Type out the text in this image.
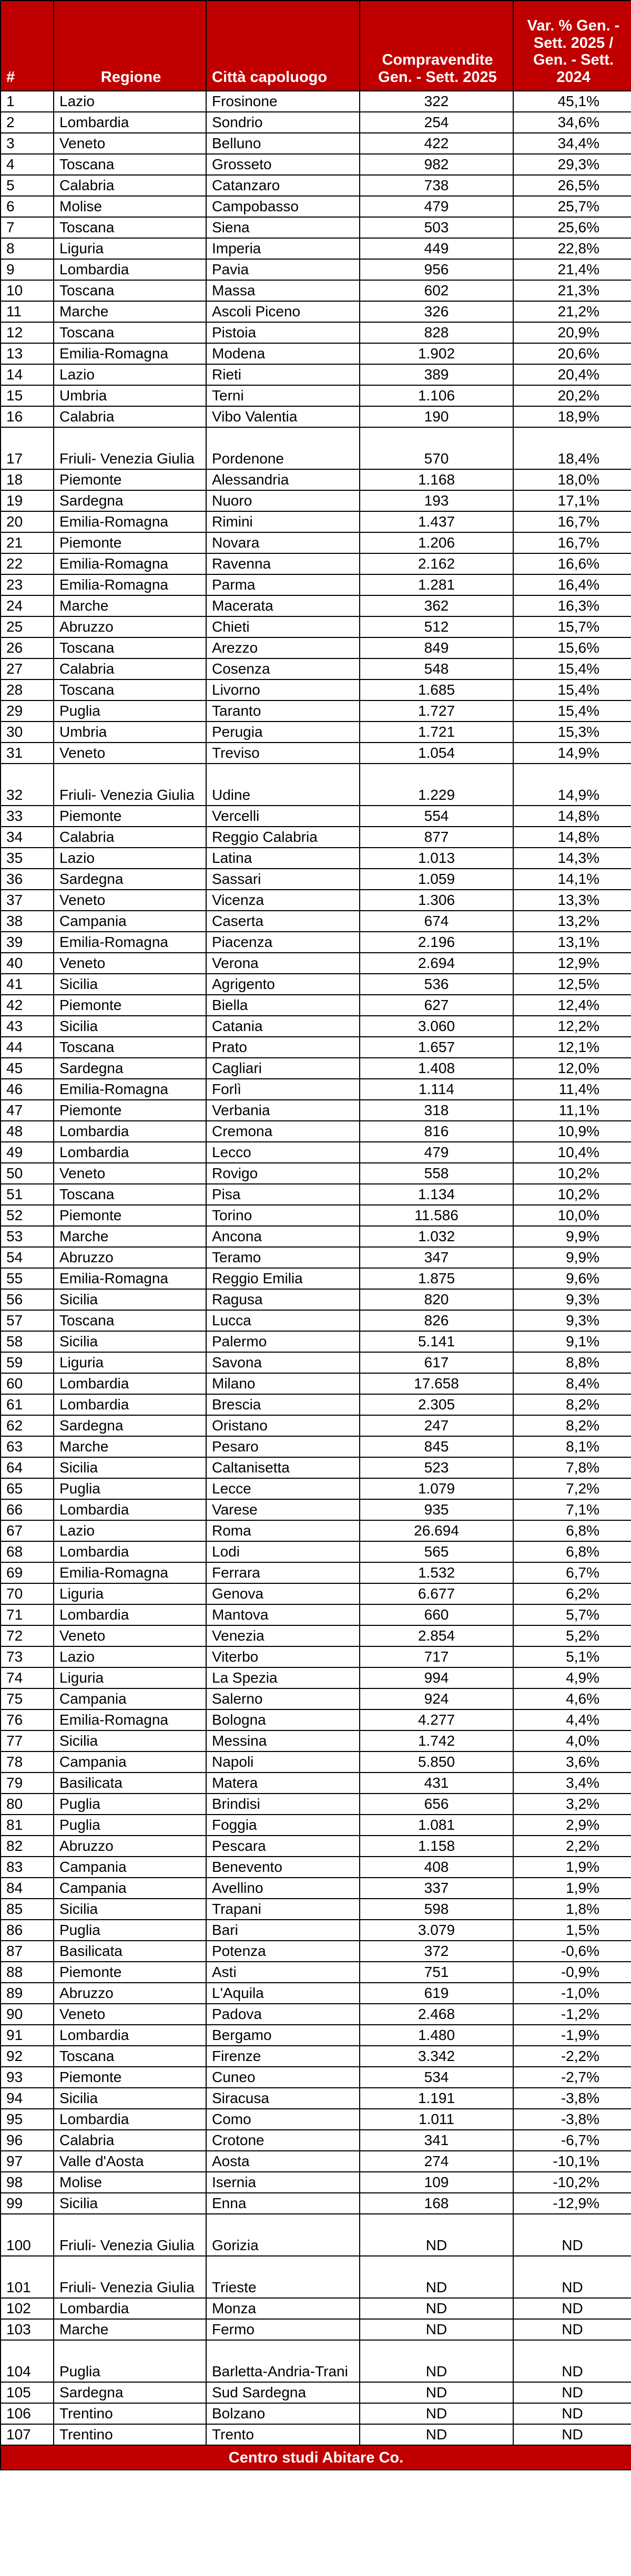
#	Regione	Città capoluogo	Compravendite Gen. - Sett. 2025	Var. % Gen. - Sett. 2025 / Gen. - Sett. 2024
1	Lazio	Frosinone	322	45,1%
2	Lombardia	Sondrio	254	34,6%
3	Veneto	Belluno	422	34,4%
4	Toscana	Grosseto	982	29,3%
5	Calabria	Catanzaro	738	26,5%
6	Molise	Campobasso	479	25,7%
7	Toscana	Siena	503	25,6%
8	Liguria	Imperia	449	22,8%
9	Lombardia	Pavia	956	21,4%
10	Toscana	Massa	602	21,3%
11	Marche	Ascoli Piceno	326	21,2%
12	Toscana	Pistoia	828	20,9%
13	Emilia-Romagna	Modena	1.902	20,6%
14	Lazio	Rieti	389	20,4%
15	Umbria	Terni	1.106	20,2%
16	Calabria	Vibo Valentia	190	18,9%
17	Friuli- Venezia Giulia	Pordenone	570	18,4%
18	Piemonte	Alessandria	1.168	18,0%
19	Sardegna	Nuoro	193	17,1%
20	Emilia-Romagna	Rimini	1.437	16,7%
21	Piemonte	Novara	1.206	16,7%
22	Emilia-Romagna	Ravenna	2.162	16,6%
23	Emilia-Romagna	Parma	1.281	16,4%
24	Marche	Macerata	362	16,3%
25	Abruzzo	Chieti	512	15,7%
26	Toscana	Arezzo	849	15,6%
27	Calabria	Cosenza	548	15,4%
28	Toscana	Livorno	1.685	15,4%
29	Puglia	Taranto	1.727	15,4%
30	Umbria	Perugia	1.721	15,3%
31	Veneto	Treviso	1.054	14,9%
32	Friuli- Venezia Giulia	Udine	1.229	14,9%
33	Piemonte	Vercelli	554	14,8%
34	Calabria	Reggio Calabria	877	14,8%
35	Lazio	Latina	1.013	14,3%
36	Sardegna	Sassari	1.059	14,1%
37	Veneto	Vicenza	1.306	13,3%
38	Campania	Caserta	674	13,2%
39	Emilia-Romagna	Piacenza	2.196	13,1%
40	Veneto	Verona	2.694	12,9%
41	Sicilia	Agrigento	536	12,5%
42	Piemonte	Biella	627	12,4%
43	Sicilia	Catania	3.060	12,2%
44	Toscana	Prato	1.657	12,1%
45	Sardegna	Cagliari	1.408	12,0%
46	Emilia-Romagna	Forlì	1.114	11,4%
47	Piemonte	Verbania	318	11,1%
48	Lombardia	Cremona	816	10,9%
49	Lombardia	Lecco	479	10,4%
50	Veneto	Rovigo	558	10,2%
51	Toscana	Pisa	1.134	10,2%
52	Piemonte	Torino	11.586	10,0%
53	Marche	Ancona	1.032	9,9%
54	Abruzzo	Teramo	347	9,9%
55	Emilia-Romagna	Reggio Emilia	1.875	9,6%
56	Sicilia	Ragusa	820	9,3%
57	Toscana	Lucca	826	9,3%
58	Sicilia	Palermo	5.141	9,1%
59	Liguria	Savona	617	8,8%
60	Lombardia	Milano	17.658	8,4%
61	Lombardia	Brescia	2.305	8,2%
62	Sardegna	Oristano	247	8,2%
63	Marche	Pesaro	845	8,1%
64	Sicilia	Caltanisetta	523	7,8%
65	Puglia	Lecce	1.079	7,2%
66	Lombardia	Varese	935	7,1%
67	Lazio	Roma	26.694	6,8%
68	Lombardia	Lodi	565	6,8%
69	Emilia-Romagna	Ferrara	1.532	6,7%
70	Liguria	Genova	6.677	6,2%
71	Lombardia	Mantova	660	5,7%
72	Veneto	Venezia	2.854	5,2%
73	Lazio	Viterbo	717	5,1%
74	Liguria	La Spezia	994	4,9%
75	Campania	Salerno	924	4,6%
76	Emilia-Romagna	Bologna	4.277	4,4%
77	Sicilia	Messina	1.742	4,0%
78	Campania	Napoli	5.850	3,6%
79	Basilicata	Matera	431	3,4%
80	Puglia	Brindisi	656	3,2%
81	Puglia	Foggia	1.081	2,9%
82	Abruzzo	Pescara	1.158	2,2%
83	Campania	Benevento	408	1,9%
84	Campania	Avellino	337	1,9%
85	Sicilia	Trapani	598	1,8%
86	Puglia	Bari	3.079	1,5%
87	Basilicata	Potenza	372	-0,6%
88	Piemonte	Asti	751	-0,9%
89	Abruzzo	L'Aquila	619	-1,0%
90	Veneto	Padova	2.468	-1,2%
91	Lombardia	Bergamo	1.480	-1,9%
92	Toscana	Firenze	3.342	-2,2%
93	Piemonte	Cuneo	534	-2,7%
94	Sicilia	Siracusa	1.191	-3,8%
95	Lombardia	Como	1.011	-3,8%
96	Calabria	Crotone	341	-6,7%
97	Valle d'Aosta	Aosta	274	-10,1%
98	Molise	Isernia	109	-10,2%
99	Sicilia	Enna	168	-12,9%
100	Friuli- Venezia Giulia	Gorizia	ND	ND
101	Friuli- Venezia Giulia	Trieste	ND	ND
102	Lombardia	Monza	ND	ND
103	Marche	Fermo	ND	ND
104	Puglia	Barletta-Andria-Trani	ND	ND
105	Sardegna	Sud Sardegna	ND	ND
106	Trentino	Bolzano	ND	ND
107	Trentino	Trento	ND	ND
Centro studi Abitare Co.				
